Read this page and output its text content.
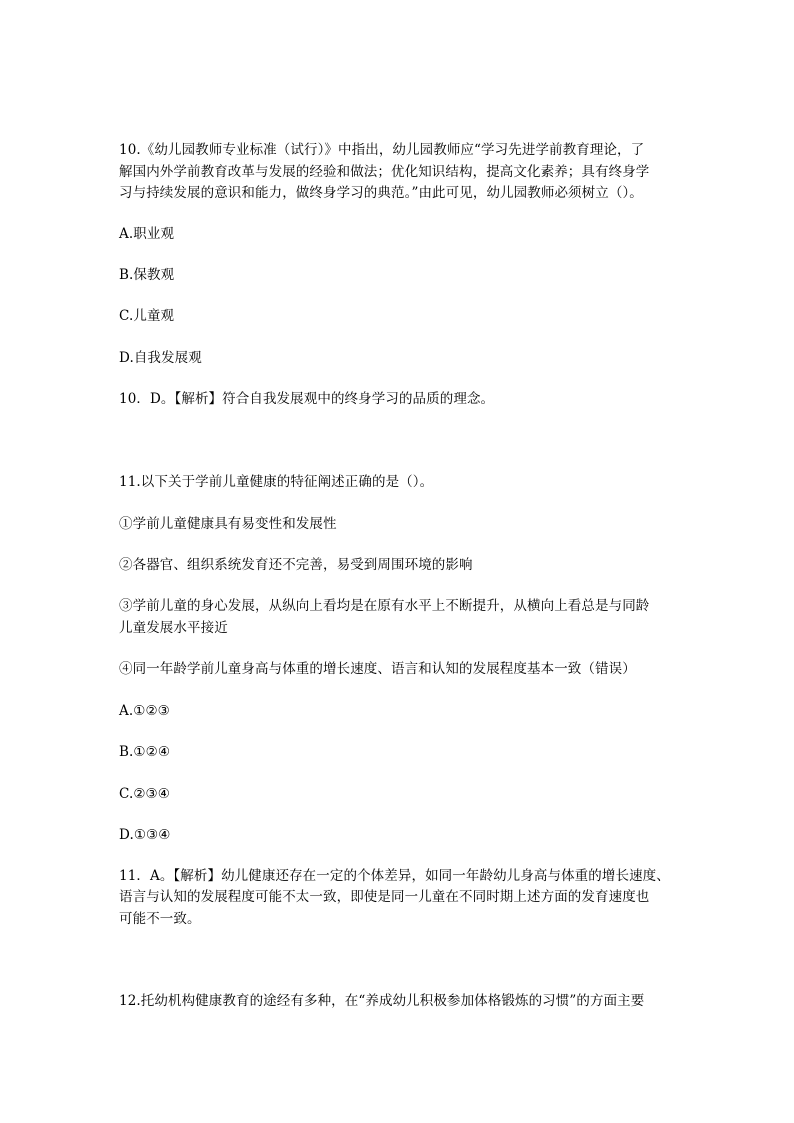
10.《幼儿园教师专业标准（试行）》中指出，幼儿园教师应“学习先进学前教育理论，了
解国内外学前教育改革与发展的经验和做法；优化知识结构，提高文化素养；具有终身学
习与持续发展的意识和能力，做终身学习的典范。”由此可见，幼儿园教师必须树立（）。
A.职业观
B.保教观
C.儿童观
D.自我发展观
10．D。【解析】符合自我发展观中的终身学习的品质的理念。
11.以下关于学前儿童健康的特征阐述正确的是（）。
①学前儿童健康具有易变性和发展性
②各器官、组织系统发育还不完善，易受到周围环境的影响
③学前儿童的身心发展，从纵向上看均是在原有水平上不断提升，从横向上看总是与同龄
儿童发展水平接近
④同一年龄学前儿童身高与体重的增长速度、语言和认知的发展程度基本一致（错误）
A.①②③
B.①②④
C.②③④
D.①③④
11．A。【解析】幼儿健康还存在一定的个体差异，如同一年龄幼儿身高与体重的增长速度、
语言与认知的发展程度可能不太一致，即使是同一儿童在不同时期上述方面的发育速度也
可能不一致。
12.托幼机构健康教育的途经有多种，在“养成幼儿积极参加体格锻炼的习惯”的方面主要
